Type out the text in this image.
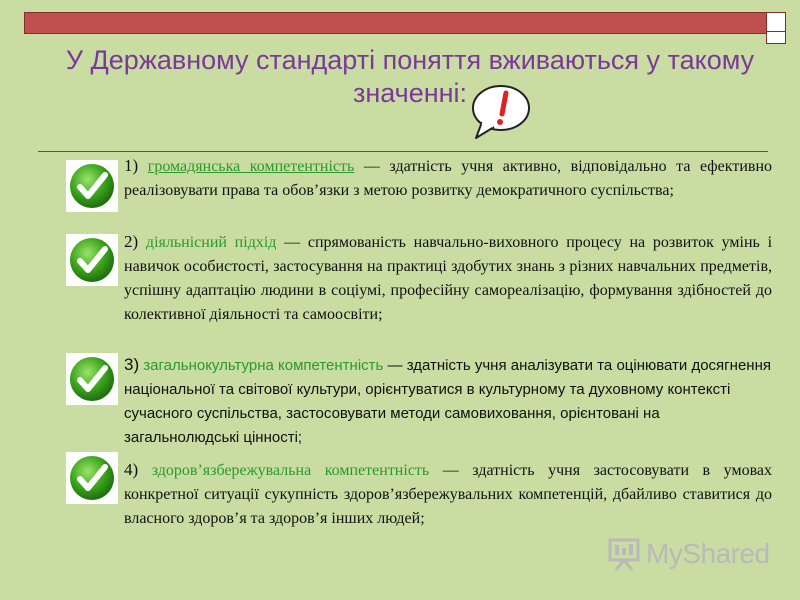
У Державному стандарті поняття вживаються у такому значенні:
1) громадянська компетентність — здатність учня активно, відповідально та ефективно реалізовувати права та обов’язки з метою розвитку демократичного суспільства;
2) діяльнісний підхід — спрямованість навчально-виховного процесу на розвиток умінь і навичок особистості, застосування на практиці здобутих знань з різних навчальних предметів, успішну адаптацію людини в соціумі, професійну самореалізацію, формування здібностей до колективної діяльності та самоосвіти;
3) загальнокультурна компетентність — здатність учня аналізувати та оцінювати досягнення національної та світової культури, орієнтуватися в культурному та духовному контексті сучасного суспільства, застосовувати методи самовиховання, орієнтовані на загальнолюдські цінності;
4) здоров’язбережувальна компетентність — здатність учня застосовувати в умовах конкретної ситуації сукупність здоров’язбережувальних компетенцій, дбайливо ставитися до власного здоров’я та здоров’я інших людей;
MyShared
